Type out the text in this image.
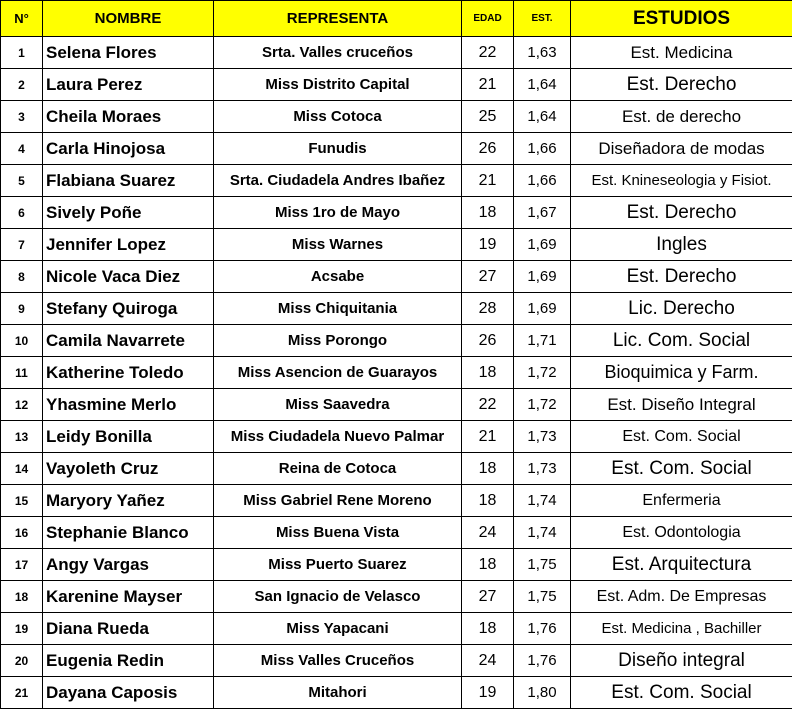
N°	NOMBRE	REPRESENTA	EDAD	EST.	ESTUDIOS
1	Selena Flores	Srta. Valles cruceños	22	1,63	Est. Medicina
2	Laura Perez	Miss Distrito Capital	21	1,64	Est. Derecho
3	Cheila Moraes	Miss Cotoca	25	1,64	Est. de derecho
4	Carla Hinojosa	Funudis	26	1,66	Diseñadora de modas
5	Flabiana Suarez	Srta. Ciudadela Andres Ibañez	21	1,66	Est. Knineseologia y Fisiot.
6	Sively Poñe	Miss 1ro de Mayo	18	1,67	Est. Derecho
7	Jennifer Lopez	Miss Warnes	19	1,69	Ingles
8	Nicole Vaca Diez	Acsabe	27	1,69	Est. Derecho
9	Stefany Quiroga	Miss Chiquitania	28	1,69	Lic. Derecho
10	Camila Navarrete	Miss Porongo	26	1,71	Lic. Com. Social
11	Katherine Toledo	Miss Asencion de Guarayos	18	1,72	Bioquimica y Farm.
12	Yhasmine Merlo	Miss Saavedra	22	1,72	Est. Diseño Integral
13	Leidy Bonilla	Miss Ciudadela Nuevo Palmar	21	1,73	Est. Com. Social
14	Vayoleth Cruz	Reina de Cotoca	18	1,73	Est. Com. Social
15	Maryory Yañez	Miss Gabriel Rene Moreno	18	1,74	Enfermeria
16	Stephanie Blanco	Miss Buena Vista	24	1,74	Est. Odontologia
17	Angy Vargas	Miss Puerto Suarez	18	1,75	Est. Arquitectura
18	Karenine Mayser	San Ignacio de Velasco	27	1,75	Est. Adm. De Empresas
19	Diana Rueda	Miss Yapacani	18	1,76	Est. Medicina , Bachiller
20	Eugenia Redin	Miss Valles Cruceños	24	1,76	Diseño integral
21	Dayana Caposis	Mitahori	19	1,80	Est. Com. Social
